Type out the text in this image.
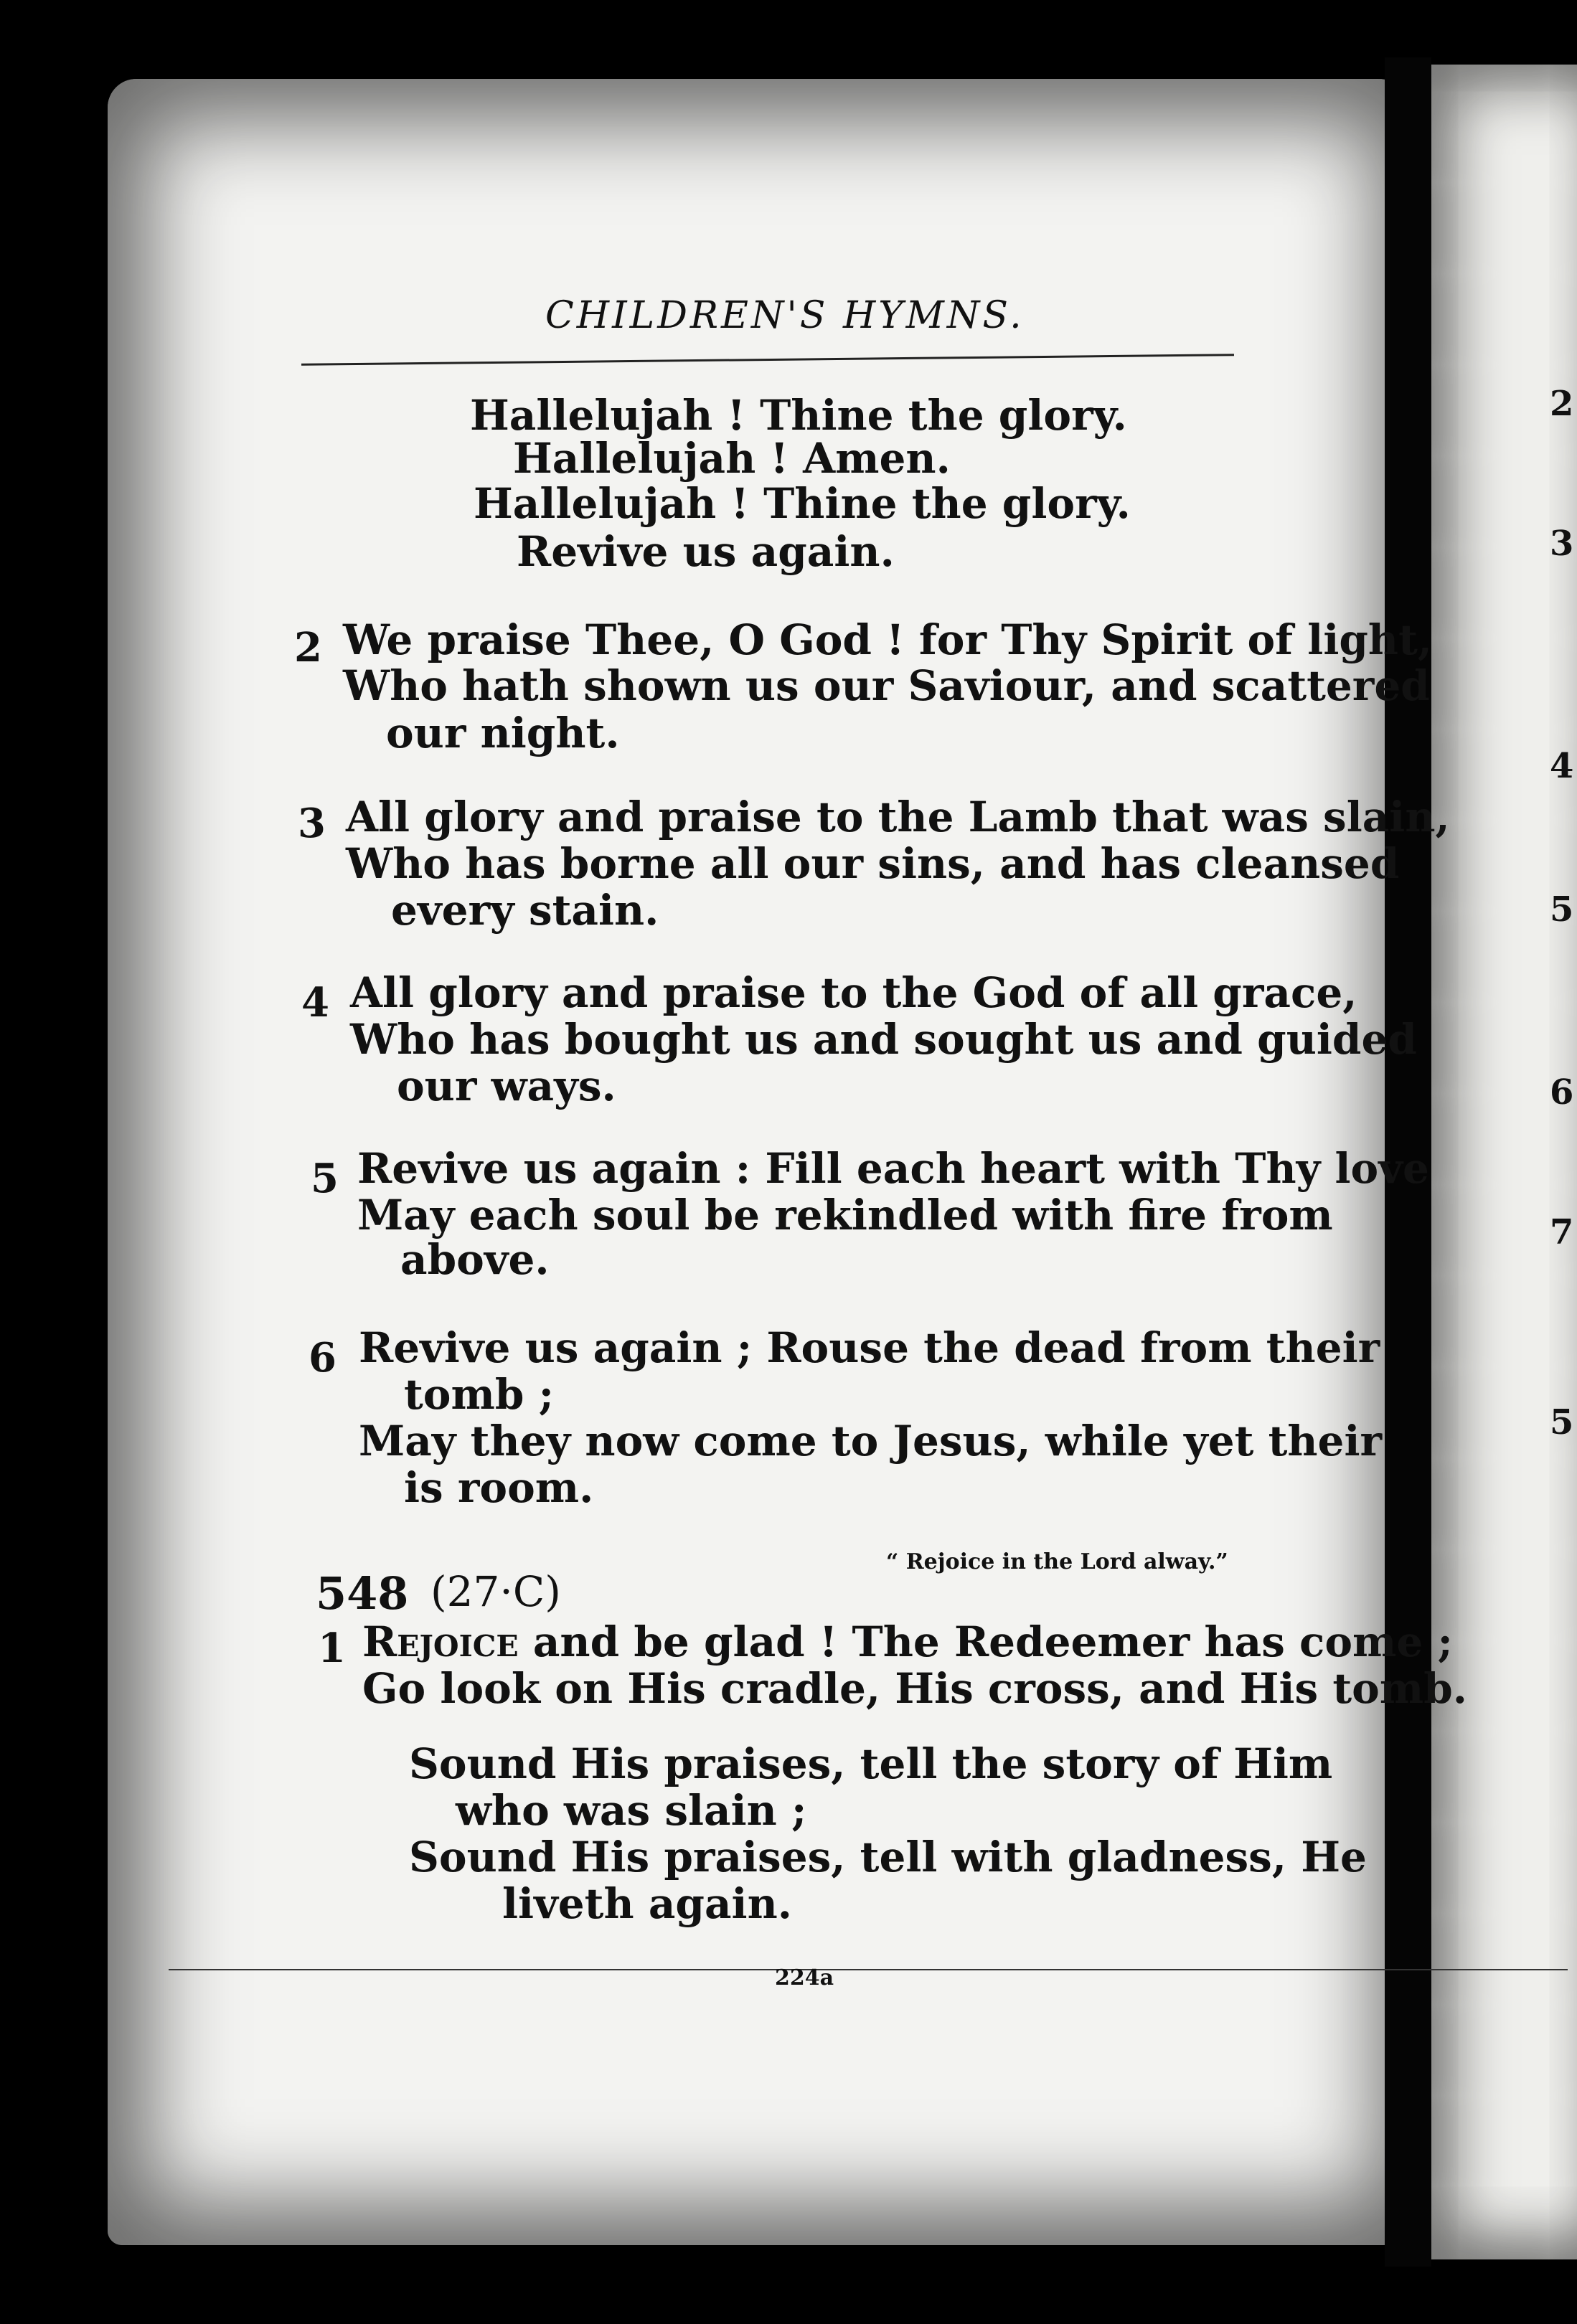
CHILDREN'S HYMNS.
Hallelujah ! Thine the glory.
Hallelujah ! Amen.
Hallelujah ! Thine the glory.
Revive us again.
2 We praise Thee, O God ! for Thy Spirit of light,
Who hath shown us our Saviour, and scattered
our night.
3 All glory and praise to the Lamb that was slain,
Who has borne all our sins, and has cleansed
every stain.
4 All glory and praise to the God of all grace,
Who has bought us and sought us and guided
our ways.
5 Revive us again : Fill each heart with Thy love
May each soul be rekindled with fire from
above.
6 Revive us again ; Rouse the dead from their
tomb ;
May they now come to Jesus, while yet their
is room.
548 (27·C)
“ Rejoice in the Lord alway.”
1 Rejoice and be glad ! The Redeemer has come ;
Go look on His cradle, His cross, and His tomb.
Sound His praises, tell the story of Him
who was slain ;
Sound His praises, tell with gladness, He
liveth again.
224a
2
3
4
5
6
7
5
